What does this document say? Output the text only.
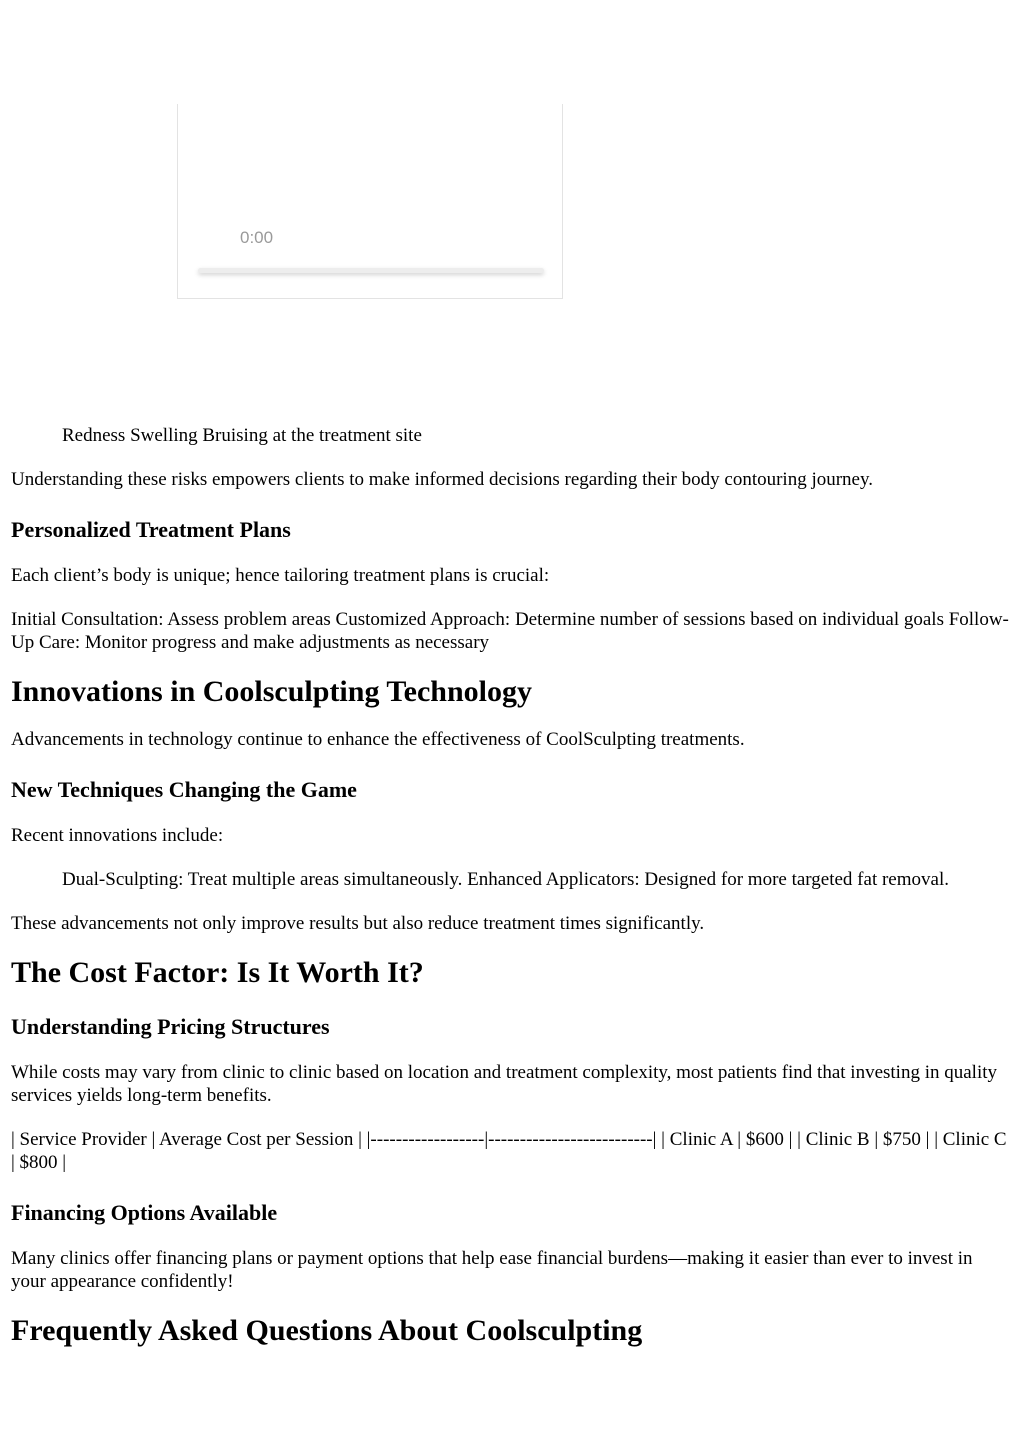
0:00

Redness Swelling Bruising at the treatment site

Understanding these risks empowers clients to make informed decisions regarding their body contouring journey.

Personalized Treatment Plans

Each client’s body is unique; hence tailoring treatment plans is crucial:

Initial Consultation: Assess problem areas Customized Approach: Determine number of sessions based on individual goals Follow-Up Care: Monitor progress and make adjustments as necessary

Innovations in Coolsculpting Technology

Advancements in technology continue to enhance the effectiveness of CoolSculpting treatments.

New Techniques Changing the Game

Recent innovations include:

Dual-Sculpting: Treat multiple areas simultaneously. Enhanced Applicators: Designed for more targeted fat removal.

These advancements not only improve results but also reduce treatment times significantly.

The Cost Factor: Is It Worth It?
Understanding Pricing Structures

While costs may vary from clinic to clinic based on location and treatment complexity, most patients find that investing in quality services yields long-term benefits.

| Service Provider | Average Cost per Session | |------------------|--------------------------| | Clinic A | $600 | | Clinic B | $750 | | Clinic C | $800 |

Financing Options Available

Many clinics offer financing plans or payment options that help ease financial burdens—making it easier than ever to invest in your appearance confidently!

Frequently Asked Questions About Coolsculpting
